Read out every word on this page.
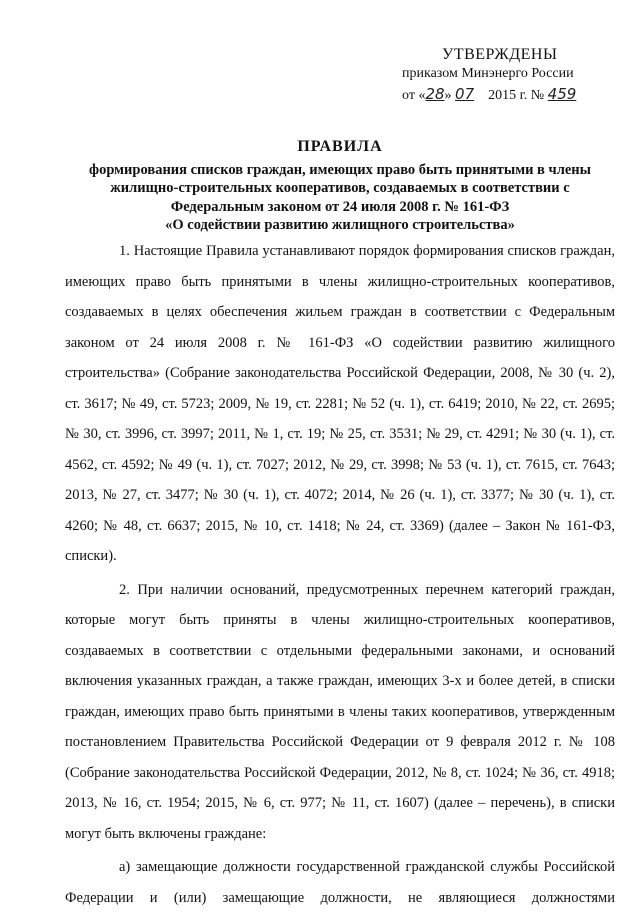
УТВЕРЖДЕНЫ
приказом Минэнерго России
от «28» 07 2015 г. № 459
ПРАВИЛА
формирования списков граждан, имеющих право быть принятыми в члены
жилищно-строительных кооперативов, создаваемых в соответствии с
Федеральным законом от 24 июля 2008 г. № 161-ФЗ
«О содействии развитию жилищного строительства»

1. Настоящие Правила устанавливают порядок формирования списков граждан, имеющих право быть принятыми в члены жилищно-строительных кооперативов, создаваемых в целях обеспечения жильем граждан в соответствии с Федеральным законом от 24 июля 2008 г. № 161-ФЗ «О содействии развитию жилищного строительства» (Собрание законодательства Российской Федерации, 2008, № 30 (ч. 2), ст. 3617; № 49, ст. 5723; 2009, № 19, ст. 2281; № 52 (ч. 1), ст. 6419; 2010, № 22, ст. 2695; № 30, ст. 3996, ст. 3997; 2011, № 1, ст. 19; № 25, ст. 3531; № 29, ст. 4291; № 30 (ч. 1), ст. 4562, ст. 4592; № 49 (ч. 1), ст. 7027; 2012, № 29, ст. 3998; № 53 (ч. 1), ст. 7615, ст. 7643; 2013, № 27, ст. 3477; № 30 (ч. 1), ст. 4072; 2014, № 26 (ч. 1), ст. 3377; № 30 (ч. 1), ст. 4260; № 48, ст. 6637; 2015, № 10, ст. 1418; № 24, ст. 3369) (далее – Закон № 161-ФЗ, списки).

2. При наличии оснований, предусмотренных перечнем категорий граждан, которые могут быть приняты в члены жилищно-строительных кооперативов, создаваемых в соответствии с отдельными федеральными законами, и оснований включения указанных граждан, а также граждан, имеющих 3-х и более детей, в списки граждан, имеющих право быть принятыми в члены таких кооперативов, утвержденным постановлением Правительства Российской Федерации от 9 февраля 2012 г. № 108 (Собрание законодательства Российской Федерации, 2012, № 8, ст. 1024; № 36, ст. 4918; 2013, № 16, ст. 1954; 2015, № 6, ст. 977; № 11, ст. 1607) (далее – перечень), в списки могут быть включены граждане:

а) замещающие должности государственной гражданской службы Российской Федерации и (или) замещающие должности, не являющиеся должностями
